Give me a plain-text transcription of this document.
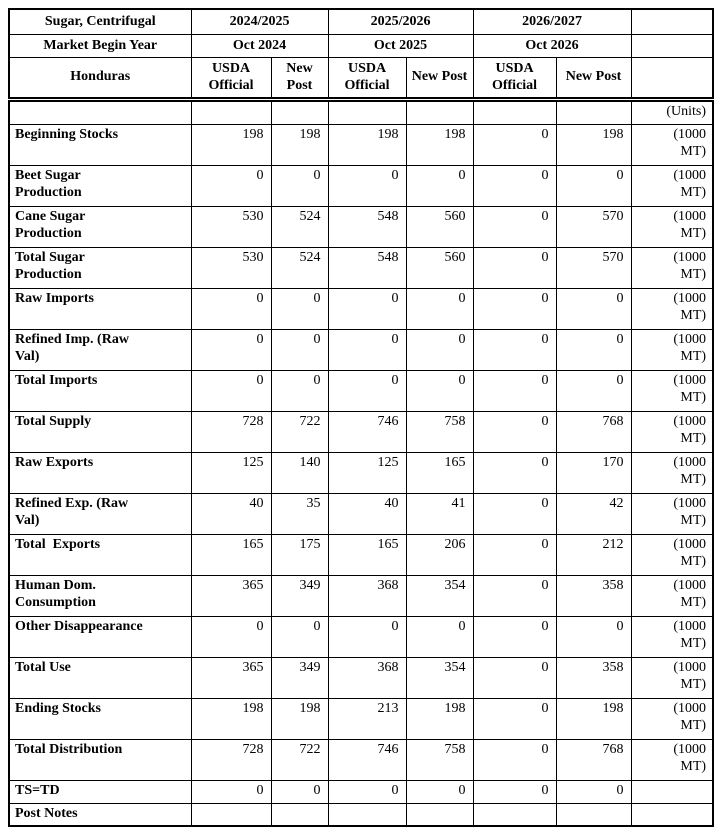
Sugar, Centrifugal	2024/2025		2025/2026		2026/2027		
Market Begin Year	Oct 2024		Oct 2025		Oct 2026		
Honduras	USDA Official	New Post	USDA Official	New Post	USDA Official	New Post	
							(Units)
Beginning Stocks	198	198	198	198	0	198	(1000 MT)
Beet Sugar Production	0	0	0	0	0	0	(1000 MT)
Cane Sugar Production	530	524	548	560	0	570	(1000 MT)
Total Sugar Production	530	524	548	560	0	570	(1000 MT)
Raw Imports	0	0	0	0	0	0	(1000 MT)
Refined Imp. (Raw Val)	0	0	0	0	0	0	(1000 MT)
Total Imports	0	0	0	0	0	0	(1000 MT)
Total Supply	728	722	746	758	0	768	(1000 MT)
Raw Exports	125	140	125	165	0	170	(1000 MT)
Refined Exp. (Raw Val)	40	35	40	41	0	42	(1000 MT)
Total  Exports	165	175	165	206	0	212	(1000 MT)
Human Dom. Consumption	365	349	368	354	0	358	(1000 MT)
Other Disappearance	0	0	0	0	0	0	(1000 MT)
Total Use	365	349	368	354	0	358	(1000 MT)
Ending Stocks	198	198	213	198	0	198	(1000 MT)
Total Distribution	728	722	746	758	0	768	(1000 MT)
TS=TD	0	0	0	0	0	0	
Post Notes							
